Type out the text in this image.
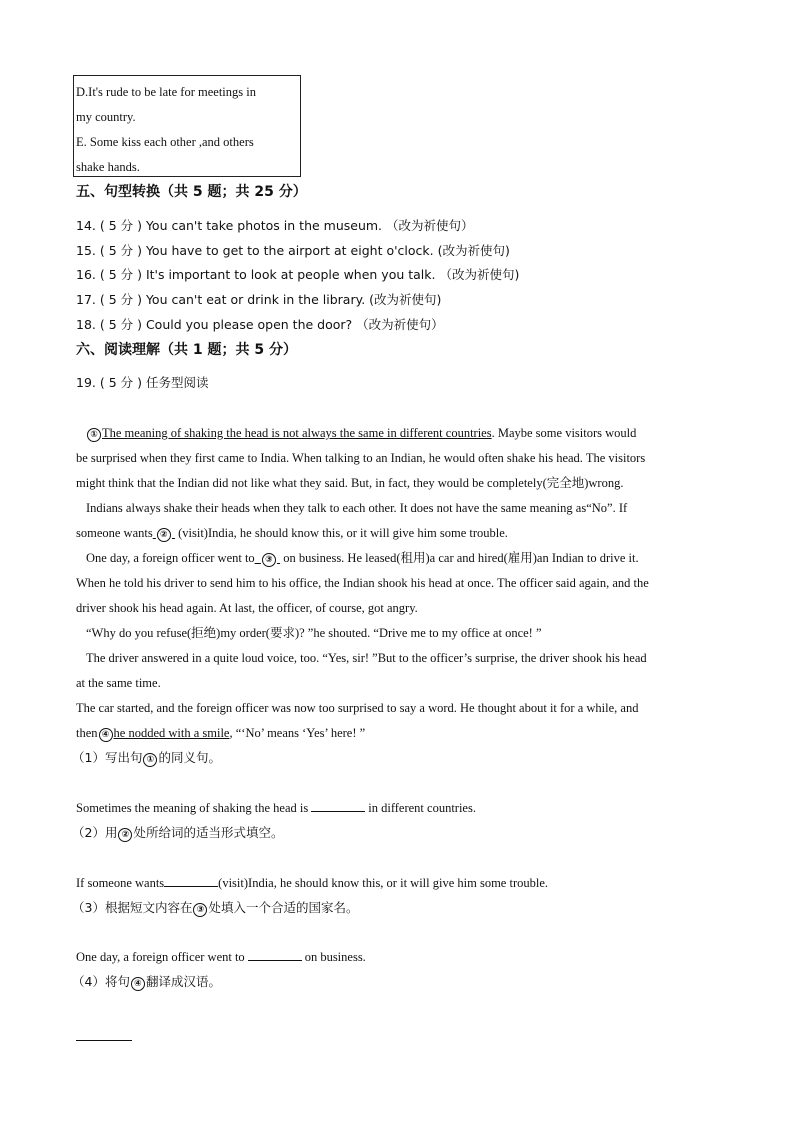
D.It's rude to be late for meetings in
my country.
E. Some kiss each other ,and others
shake hands.
五、句型转换（共 5 题；共 25 分）
14. ( 5 分 ) You can't take photos in the museum. （改为祈使句）
15. ( 5 分 ) You have to get to the airport at eight o'clock. (改为祈使句)
16. ( 5 分 ) It's important to look at people when you talk. （改为祈使句)
17. ( 5 分 ) You can't eat or drink in the library. (改为祈使句)
18. ( 5 分 ) Could you please open the door? （改为祈使句）
六、阅读理解（共 1 题；共 5 分）
19. ( 5 分 ) 任务型阅读
① The meaning of shaking the head is not always the same in different countries. Maybe some visitors would
be surprised when they first came to India. When talking to an Indian, he would often shake his head. The visitors
might think that the Indian did not like what they said. But, in fact, they would be completely(完全地)wrong.
Indians always shake their heads when they talk to each other. It does not have the same meaning as“No”. If
someone wants ②  (visit)India, he should know this, or it will give him some trouble.
One day, a foreign officer went to ③  on business. He leased(租用)a car and hired(雇用)an Indian to drive it.
When he told his driver to send him to his office, the Indian shook his head at once. The officer said again, and the
driver shook his head again. At last, the officer, of course, got angry.
“Why do you refuse(拒绝)my order(要求)? ”he shouted. “Drive me to my office at once! ”
The driver answered in a quite loud voice, too. “Yes, sir! ”But to the officer’s surprise, the driver shook his head
at the same time.
The car started, and the foreign officer was now too surprised to say a word. He thought about it for a while, and
then ④ he nodded with a smile, “‘No’ means ‘Yes’ here! ”
（1）写出句 ① 的同义句。
Sometimes the meaning of shaking the head is	in different countries.
（2）用 ② 处所给词的适当形式填空。
If someone wants	(visit)India, he should know this, or it will give him some trouble.
（3）根据短文内容在 ③ 处填入一个合适的国家名。
One day, a foreign officer went to	on business.
（4）将句 ④ 翻译成汉语。
